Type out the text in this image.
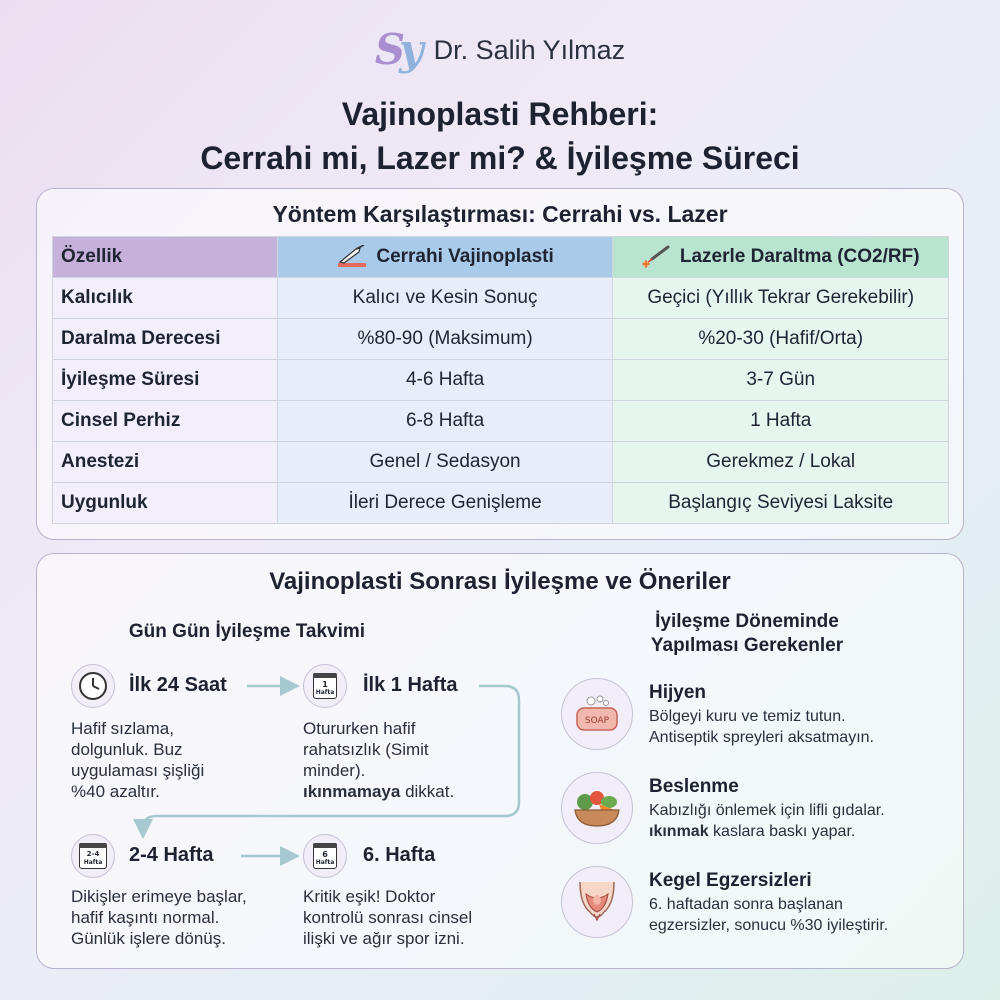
Sy Dr. Salih Yılmaz
Vajinoplasti Rehberi:
Cerrahi mi, Lazer mi? & İyileşme Süreci
Yöntem Karşılaştırması: Cerrahi vs. Lazer
Özellik	Cerrahi Vajinoplasti	Lazerle Daraltma (CO2/RF)

Kalıcılık	Kalıcı ve Kesin Sonuç	Geçici (Yıllık Tekrar Gerekebilir)
Daralma Derecesi	%80-90 (Maksimum)	%20-30 (Hafif/Orta)
İyileşme Süresi	4-6 Hafta	3-7 Gün
Cinsel Perhiz	6-8 Hafta	1 Hafta
Anestezi	Genel / Sedasyon	Gerekmez / Lokal
Uygunluk	İleri Derece Genişleme	Başlangıç Seviyesi Laksite
Vajinoplasti Sonrası İyileşme ve Öneriler
Gün Gün İyileşme Takvimi
İlk 24 Saat
Hafif sızlama,
dolgunluk. Buz
uygulaması şişliği
%40 azaltır.
1
Hafta İlk 1 Hafta
Otururken hafif
rahatsızlık (Simit
minder).
ıkınmamaya dikkat.
2-4
Hafta 2-4 Hafta
Dikişler erimeye başlar,
hafif kaşıntı normal.
Günlük işlere dönüş.
6
Hafta 6. Hafta
Kritik eşik! Doktor
kontrolü sonrası cinsel
ilişki ve ağır spor izni.
İyileşme Döneminde
Yapılması Gerekenler
SOAP
Hijyen
Bölgeyi kuru ve temiz tutun.
Antiseptik spreyleri aksatmayın.
Beslenme
Kabızlığı önlemek için lifli gıdalar.
ıkınmak kaslara baskı yapar.
Kegel Egzersizleri
6. haftadan sonra başlanan
egzersizler, sonucu %30 iyileştirir.
